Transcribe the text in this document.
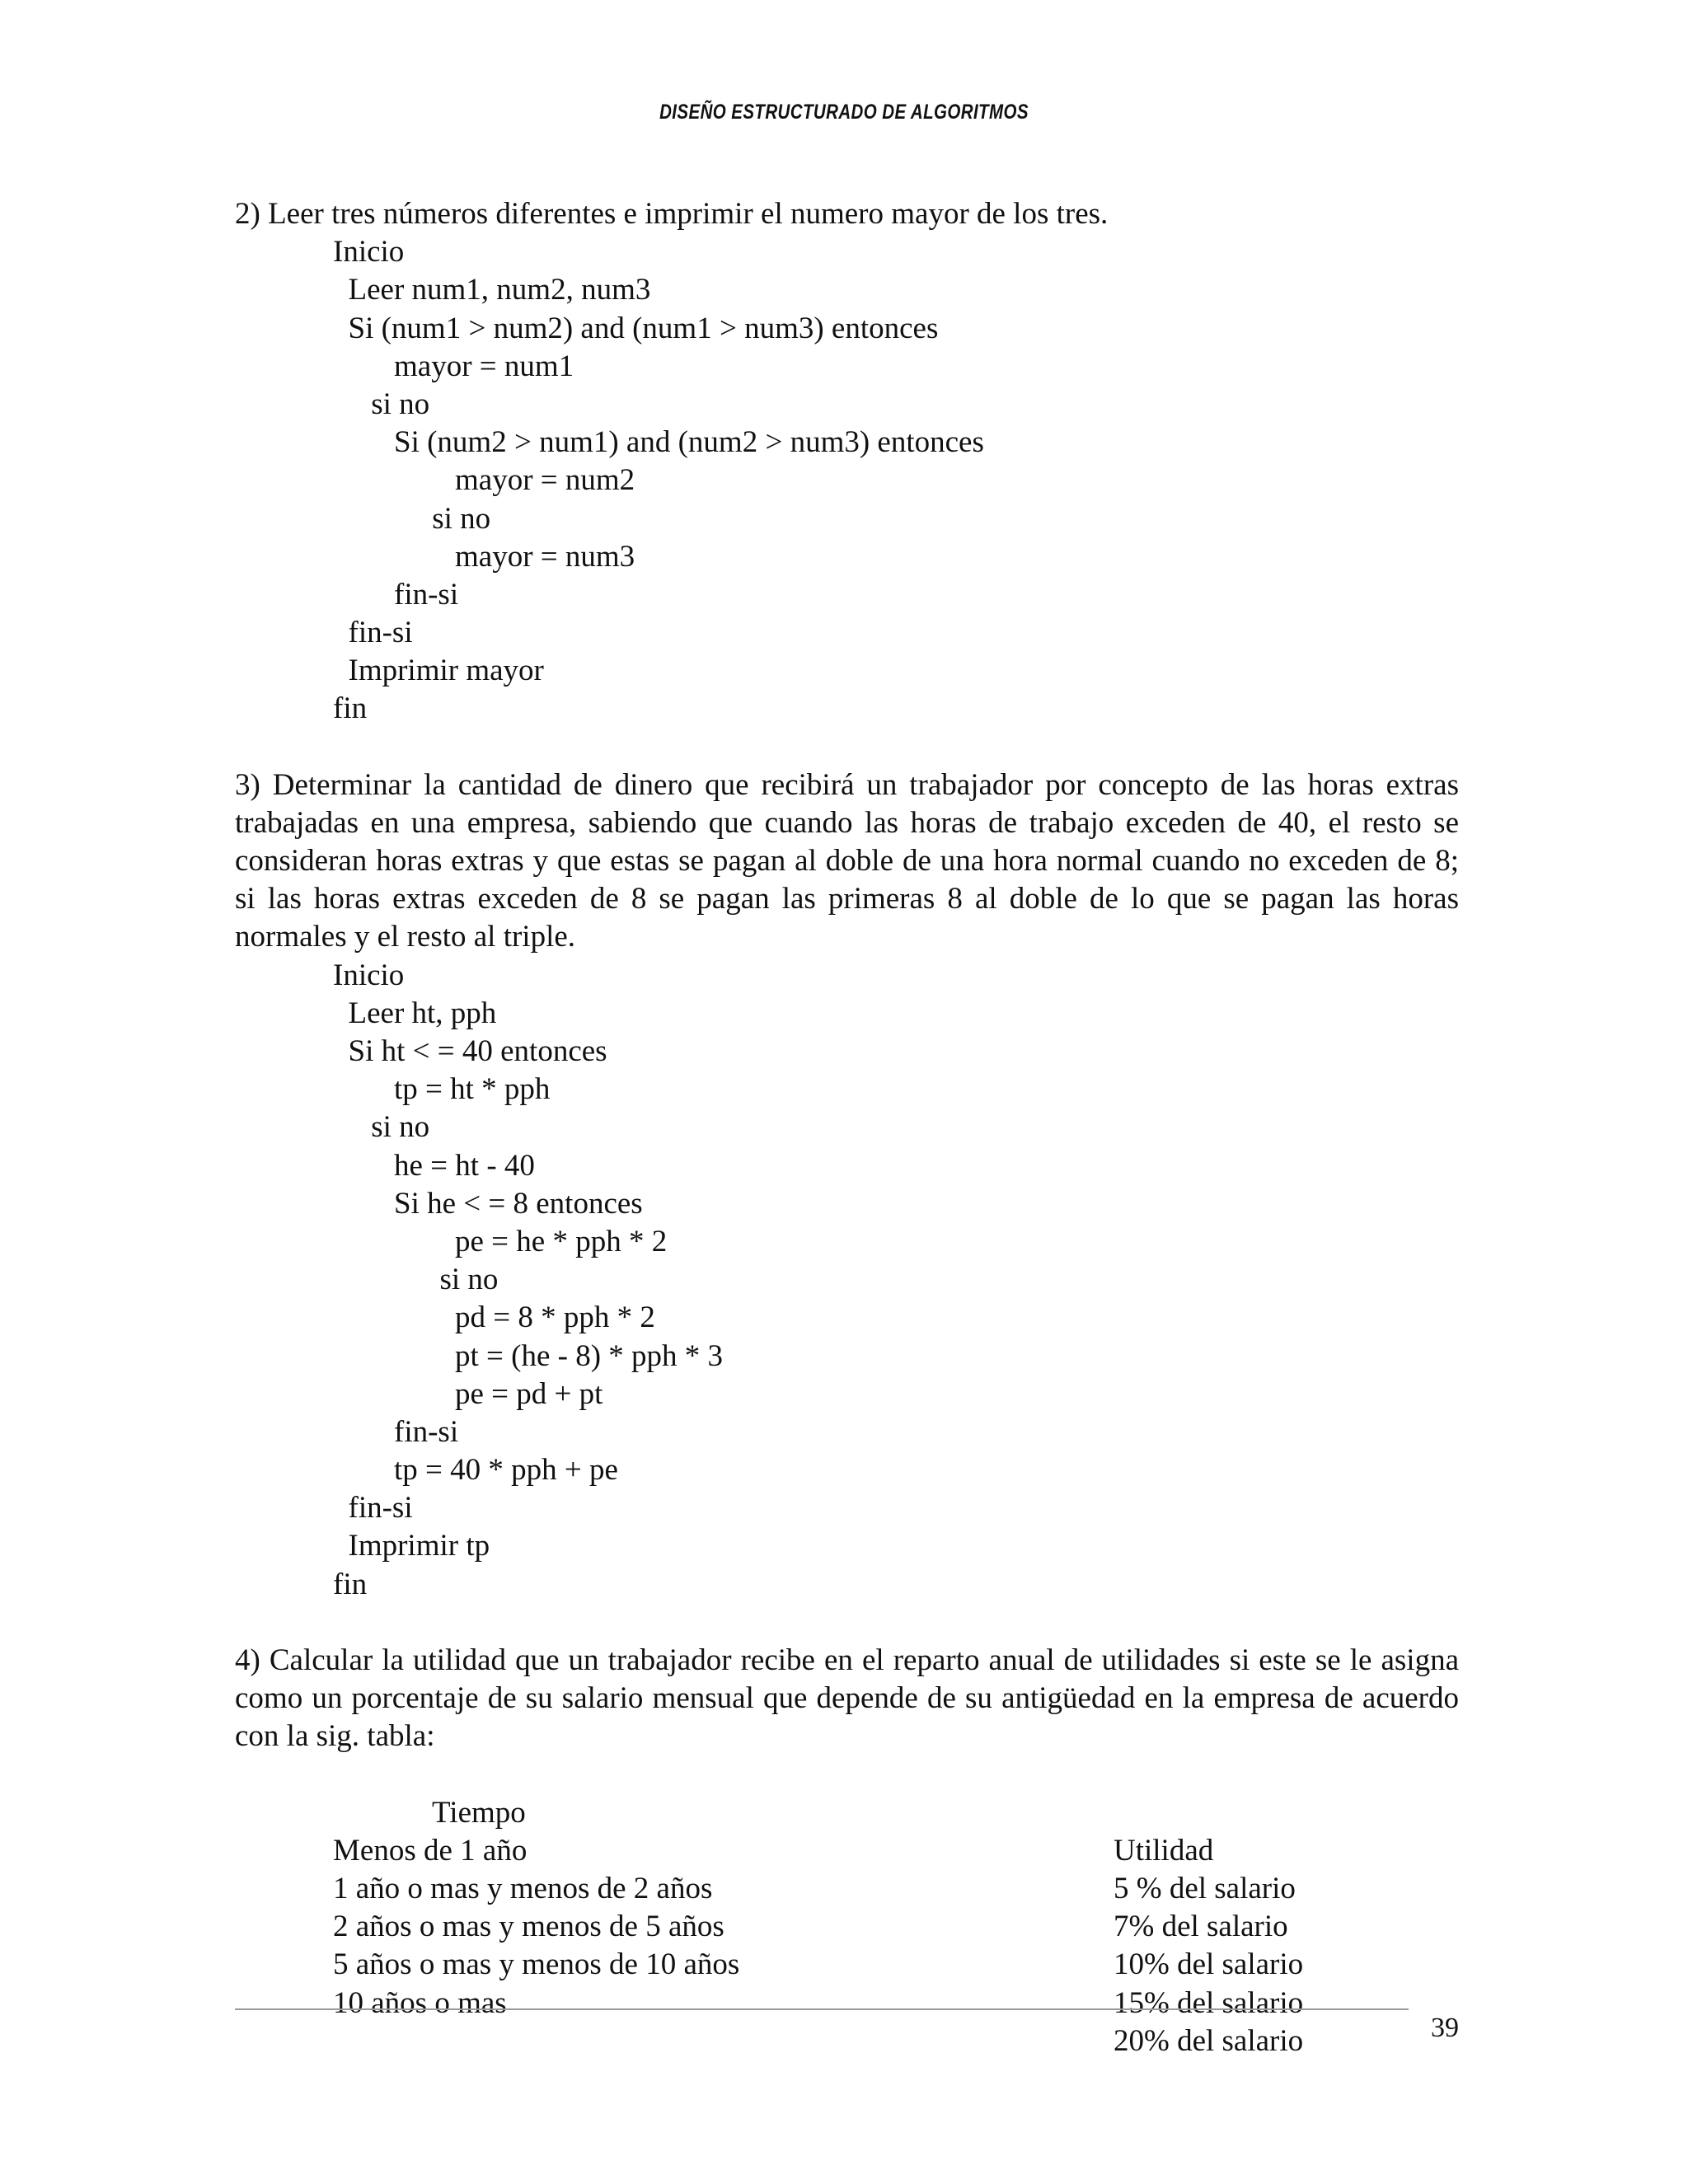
DISEÑO ESTRUCTURADO DE ALGORITMOS
2) Leer tres números diferentes e imprimir el numero mayor de los tres.
Inicio
Leer num1, num2, num3
Si (num1 > num2) and (num1 > num3) entonces
mayor = num1
si no
Si (num2 > num1) and (num2 > num3) entonces
mayor = num2
si no
mayor = num3
fin-si
fin-si
Imprimir mayor
fin
3) Determinar la cantidad de dinero que recibirá un trabajador por concepto de las horas extras trabajadas en una empresa, sabiendo que cuando las horas de trabajo exceden de 40, el resto se consideran horas extras y que estas se pagan al doble de una hora normal cuando no exceden de 8; si las horas extras exceden de 8 se pagan las primeras 8 al doble de lo que se pagan las horas normales y el resto al triple.
Inicio
Leer ht, pph
Si ht < = 40 entonces
tp = ht * pph
si no
he = ht - 40
Si he < = 8 entonces
pe = he * pph * 2
si no
pd = 8 * pph * 2
pt = (he - 8) * pph * 3
pe = pd + pt
fin-si
tp = 40 * pph + pe
fin-si
Imprimir tp
fin
4) Calcular la utilidad que un trabajador recibe en el reparto anual de utilidades si este se le asigna como un porcentaje de su salario mensual que depende de su antigüedad en la empresa de acuerdo con la sig. tabla:

Tiempo

Utilidad

Menos de 1 año

5 % del salario

1 año o mas y menos de 2 años

7% del salario

2 años o mas y menos de 5 años

10% del salario

5 años o mas y menos de 10 años

15% del salario

10 años o mas

20% del salario

	39
